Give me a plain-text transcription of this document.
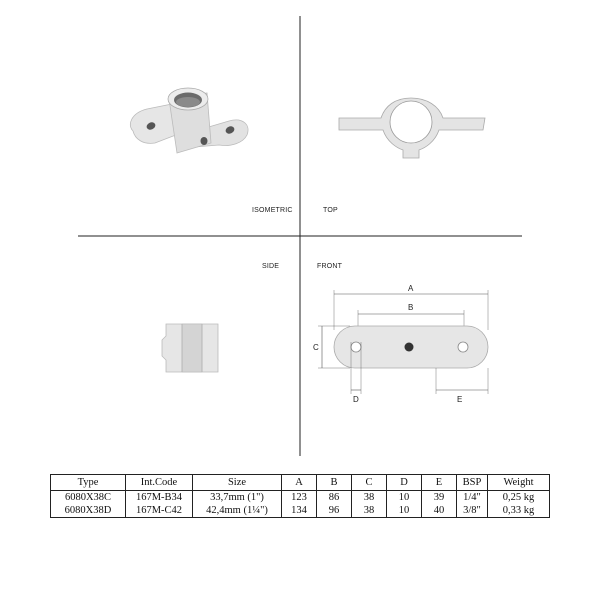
ISOMETRIC	TOP
SIDE	FRONT
A
B
C
D	E
Type	Int.Code	Size	A	B	C	D	E	BSP	Weight
6080X38C	167M-B34	33,7mm (1")	123	86	38	10	39	1/4"	0,25 kg
6080X38D	167M-C42	42,4mm (1¼")	134	96	38	10	40	3/8"	0,33 kg
